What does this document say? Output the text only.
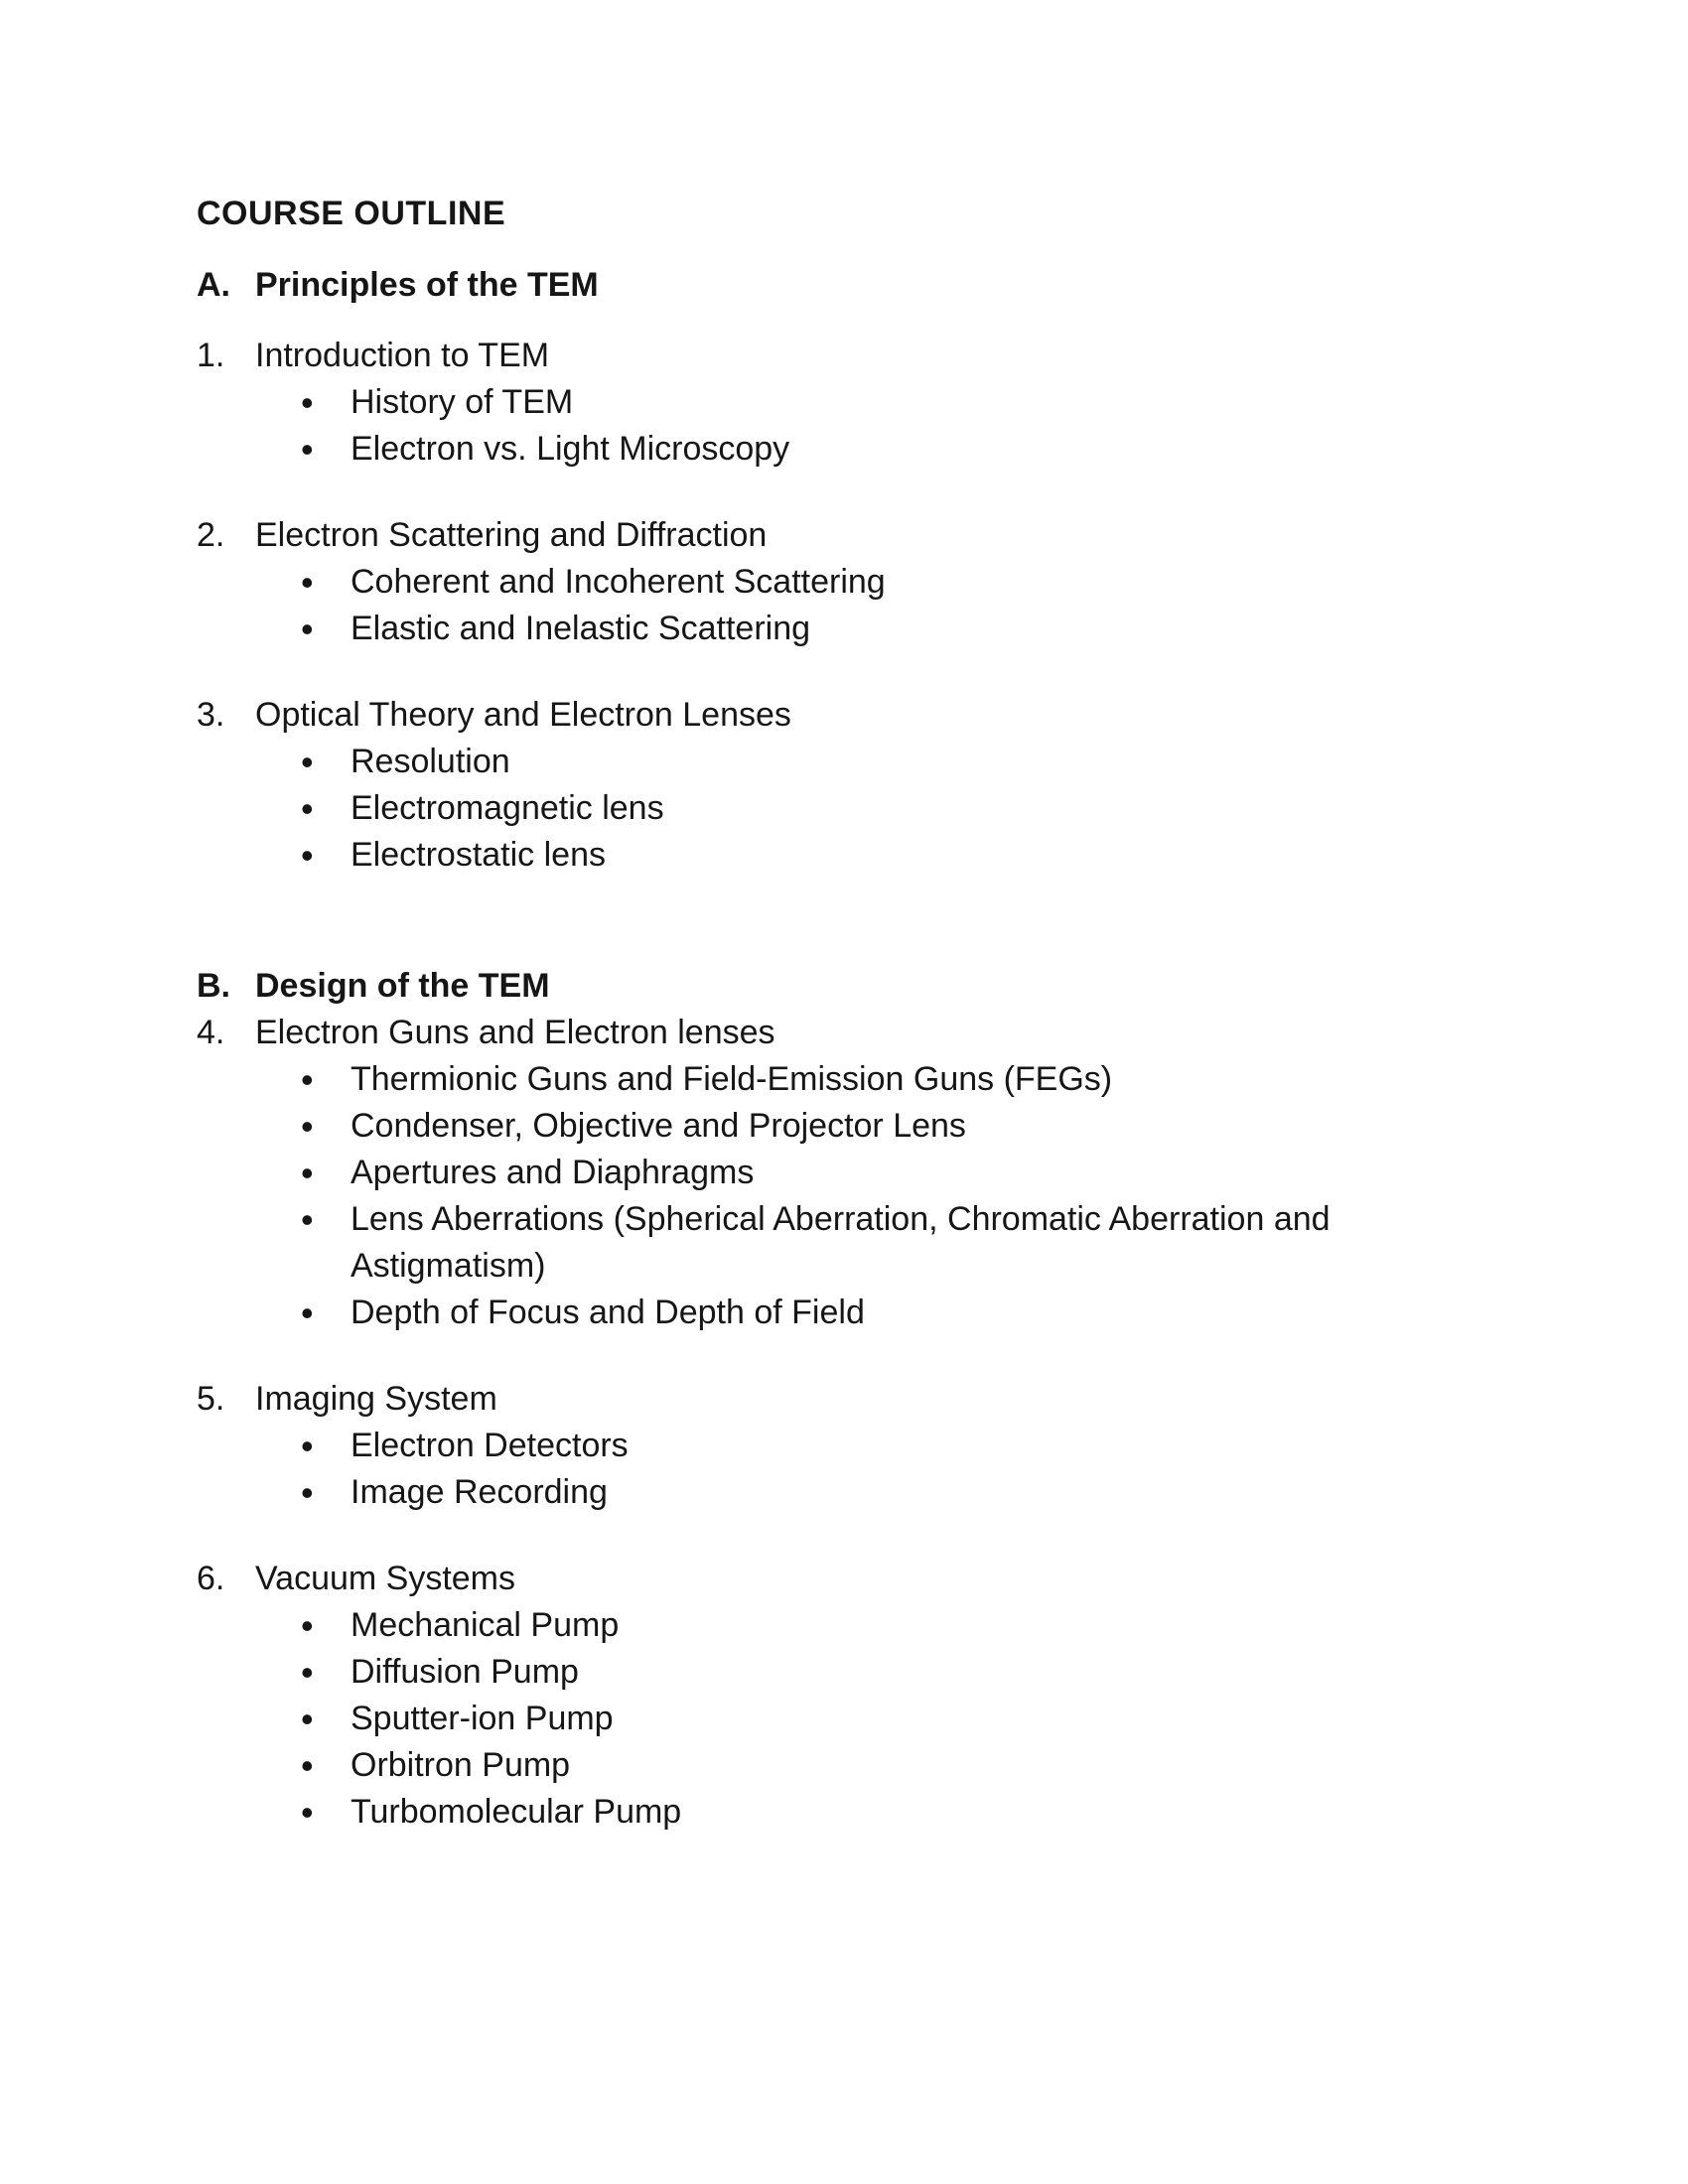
COURSE OUTLINE
A. Principles of the TEM
1. Introduction to TEM
•	History of TEM
•	Electron vs. Light Microscopy
2. Electron Scattering and Diffraction
•	Coherent and Incoherent Scattering
•	Elastic and Inelastic Scattering
3. Optical Theory and Electron Lenses
•	Resolution
•	Electromagnetic lens
•	Electrostatic lens
B. Design of the TEM
4. Electron Guns and Electron lenses
•	Thermionic Guns and Field-Emission Guns (FEGs)
•	Condenser, Objective and Projector Lens
•	Apertures and Diaphragms
•	Lens Aberrations (Spherical Aberration, Chromatic Aberration and Astigmatism)
•	Depth of Focus and Depth of Field
5. Imaging System
•	Electron Detectors
•	Image Recording
6. Vacuum Systems
•	Mechanical Pump
•	Diffusion Pump
•	Sputter-ion Pump
•	Orbitron Pump
•	Turbomolecular Pump
